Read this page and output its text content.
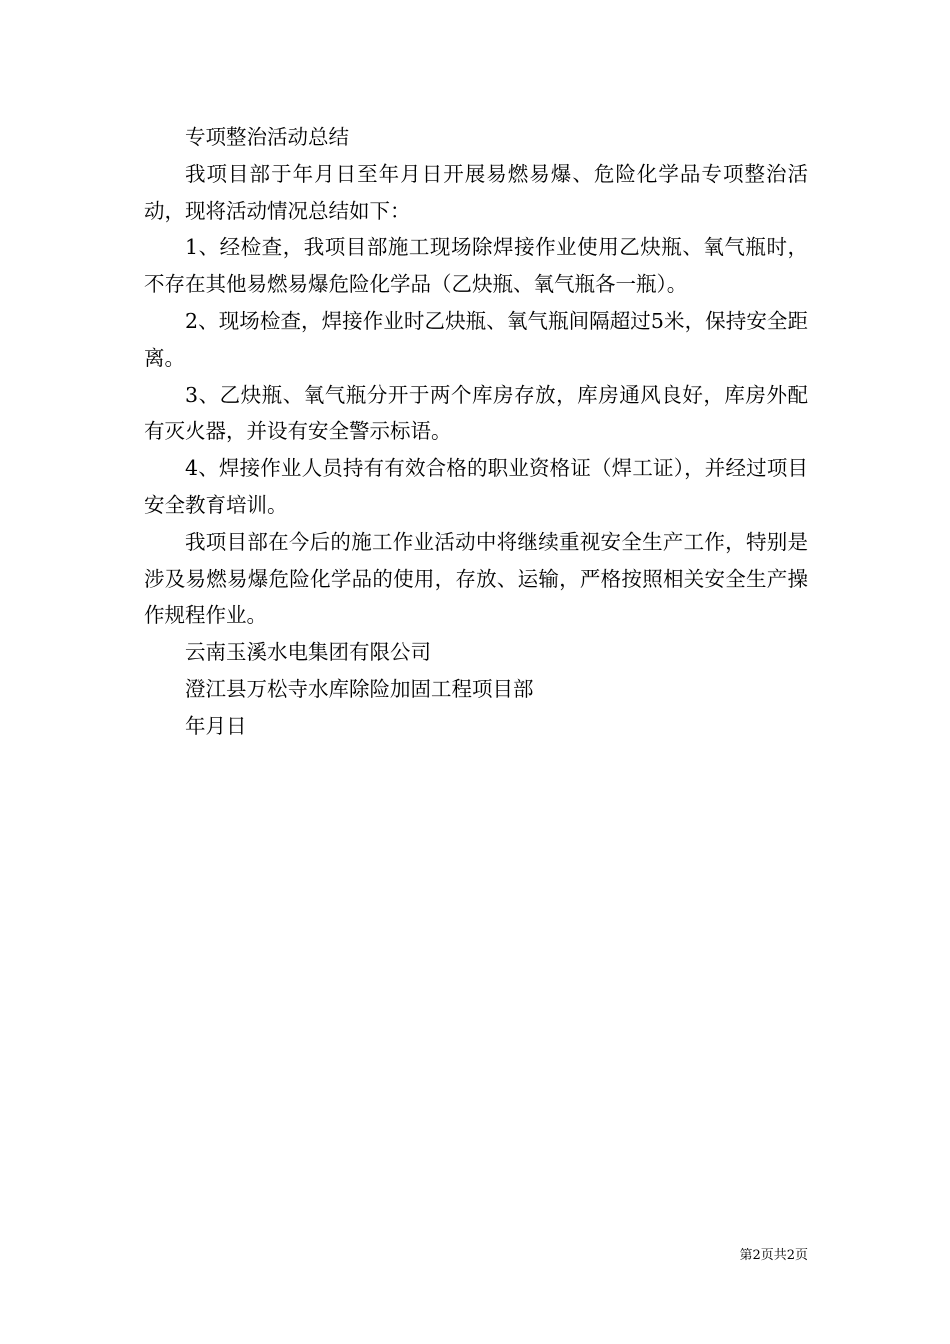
专项整治活动总结

我项目部于年月日至年月日开展易燃易爆、危险化学品专项整治活动，现将活动情况总结如下：

1、经检查，我项目部施工现场除焊接作业使用乙炔瓶、氧气瓶时，不存在其他易燃易爆危险化学品（乙炔瓶、氧气瓶各一瓶）。

2、现场检查，焊接作业时乙炔瓶、氧气瓶间隔超过5米，保持安全距离。

3、乙炔瓶、氧气瓶分开于两个库房存放，库房通风良好，库房外配有灭火器，并设有安全警示标语。

4、焊接作业人员持有有效合格的职业资格证（焊工证），并经过项目安全教育培训。

我项目部在今后的施工作业活动中将继续重视安全生产工作，特别是涉及易燃易爆危险化学品的使用，存放、运输，严格按照相关安全生产操作规程作业。

云南玉溪水电集团有限公司

澄江县万松寺水库除险加固工程项目部

年月日

第2页共2页
